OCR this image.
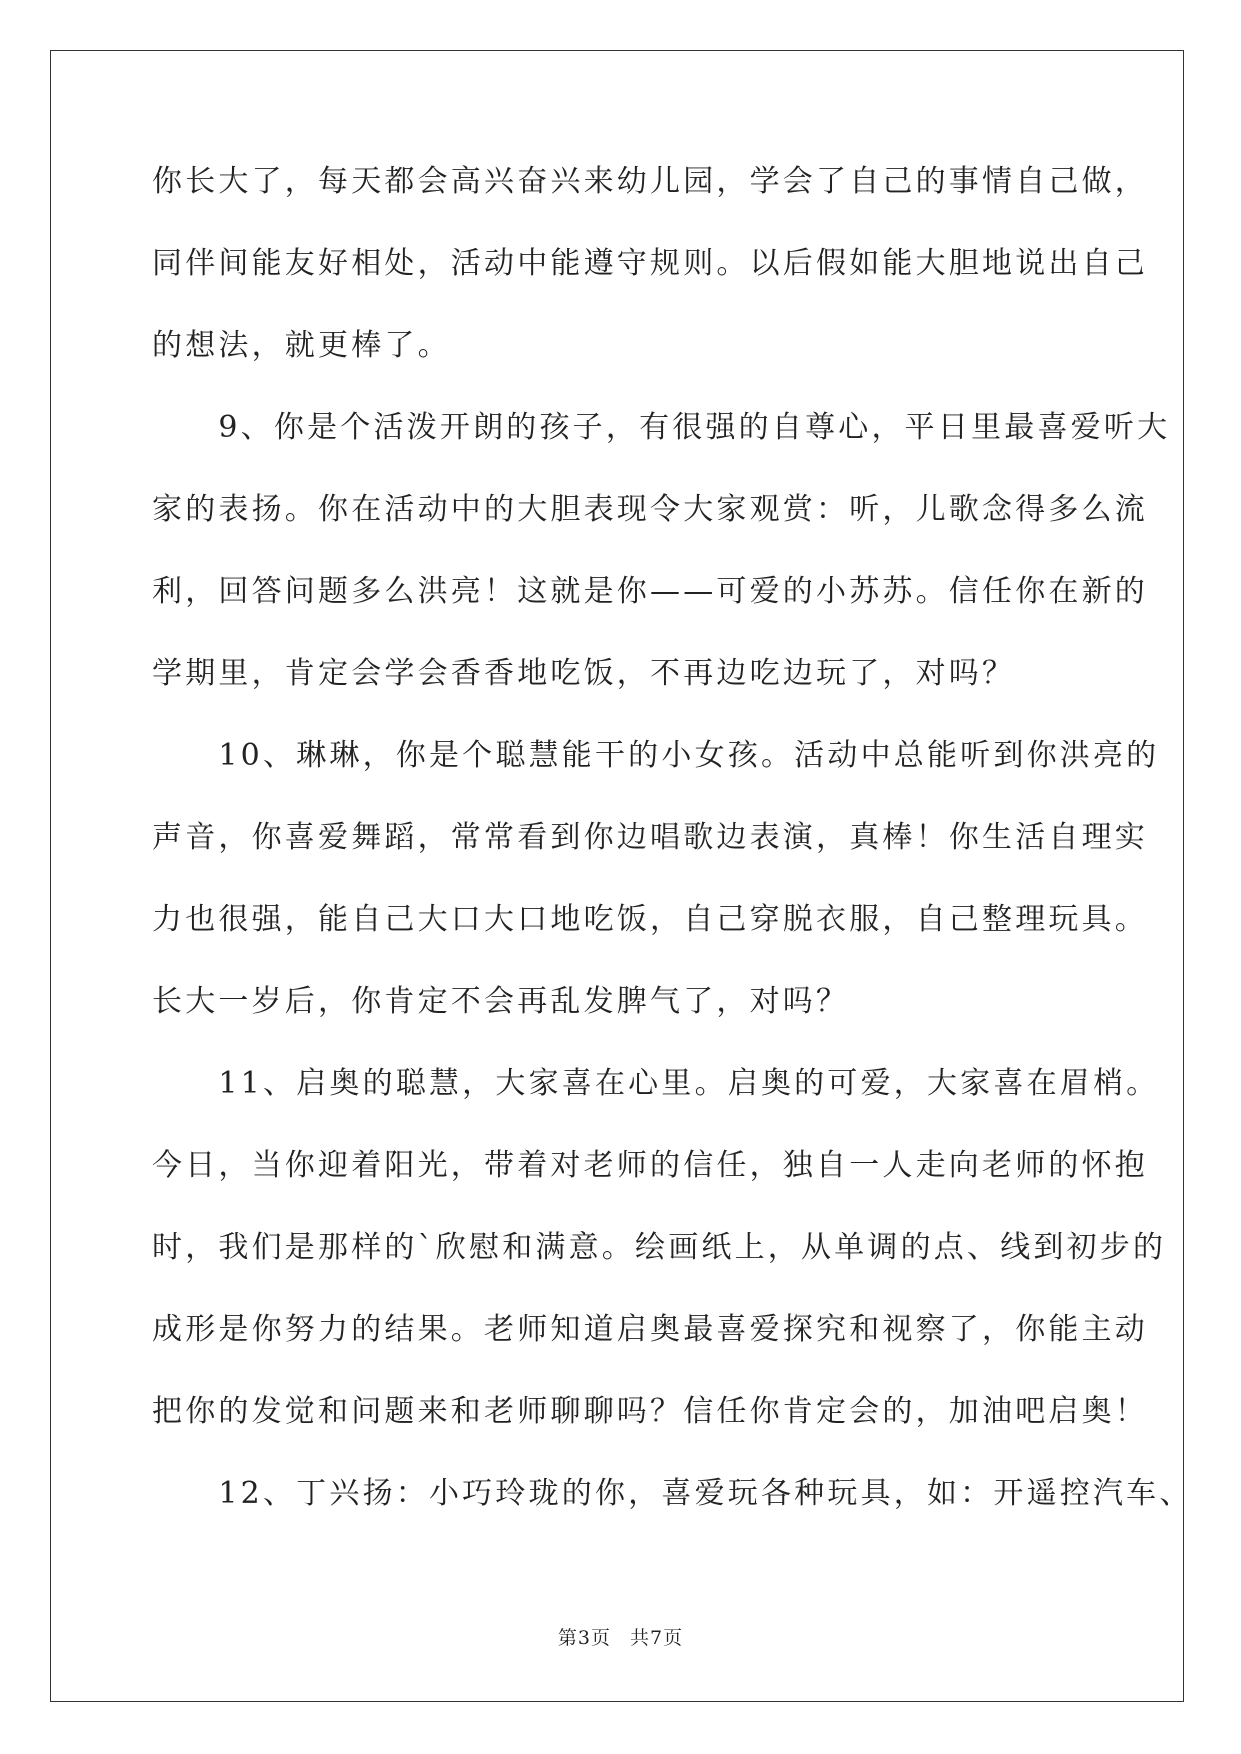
你长大了，每天都会高兴奋兴来幼儿园，学会了自己的事情自己做，
同伴间能友好相处，活动中能遵守规则。以后假如能大胆地说出自己
的想法，就更棒了。
　　9、你是个活泼开朗的孩子，有很强的自尊心，平日里最喜爱听大
家的表扬。你在活动中的大胆表现令大家观赏：听，儿歌念得多么流
利，回答问题多么洪亮！这就是你——可爱的小苏苏。信任你在新的
学期里，肯定会学会香香地吃饭，不再边吃边玩了，对吗？
　　10、琳琳，你是个聪慧能干的小女孩。活动中总能听到你洪亮的
声音，你喜爱舞蹈，常常看到你边唱歌边表演，真棒！你生活自理实
力也很强，能自己大口大口地吃饭，自己穿脱衣服，自己整理玩具。
长大一岁后，你肯定不会再乱发脾气了，对吗？
　　11、启奥的聪慧，大家喜在心里。启奥的可爱，大家喜在眉梢。
今日，当你迎着阳光，带着对老师的信任，独自一人走向老师的怀抱
时，我们是那样的`欣慰和满意。绘画纸上，从单调的点、线到初步的
成形是你努力的结果。老师知道启奥最喜爱探究和视察了，你能主动
把你的发觉和问题来和老师聊聊吗？信任你肯定会的，加油吧启奥！
　　12、丁兴扬：小巧玲珑的你，喜爱玩各种玩具，如：开遥控汽车、
第3页 共7页
